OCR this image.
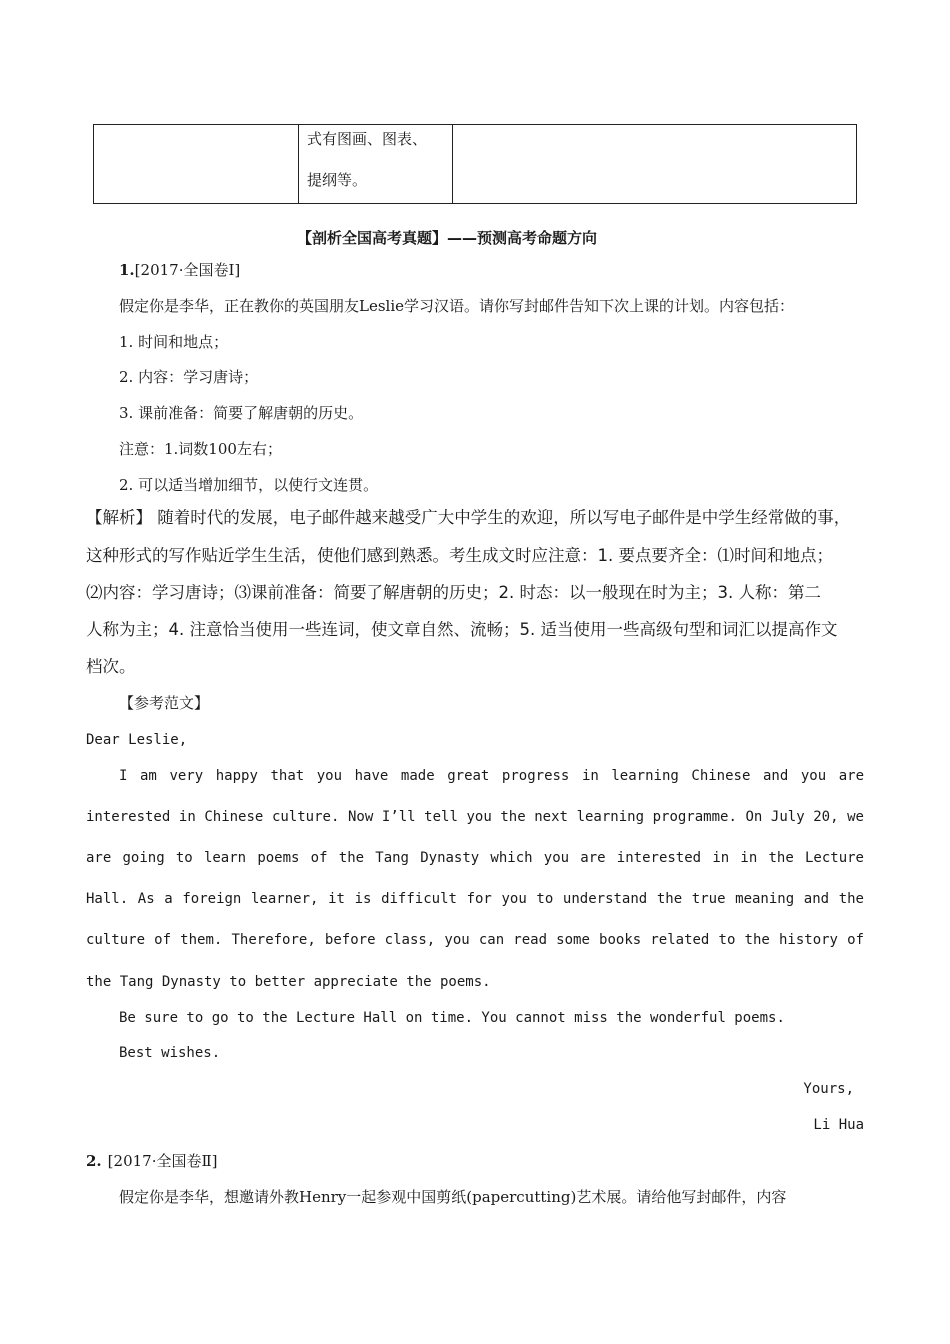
式有图画、图表、
提纲等。
【剖析全国高考真题】——预测高考命题方向
1.[2017·全国卷Ⅰ]
假定你是李华，正在教你的英国朋友Leslie学习汉语。请你写封邮件告知下次上课的计划。内容包括：
1. 时间和地点；
2. 内容：学习唐诗；
3. 课前准备：简要了解唐朝的历史。
注意：1.词数100左右；
2. 可以适当增加细节，以使行文连贯。
【解析】 随着时代的发展，电子邮件越来越受广大中学生的欢迎，所以写电子邮件是中学生经常做的事，
这种形式的写作贴近学生生活，使他们感到熟悉。考生成文时应注意：1. 要点要齐全：⑴时间和地点；
⑵内容：学习唐诗；⑶课前准备：简要了解唐朝的历史；2. 时态：以一般现在时为主；3. 人称：第二
人称为主；4. 注意恰当使用一些连词，使文章自然、流畅；5. 适当使用一些高级句型和词汇以提高作文
档次。
【参考范文】
Dear Leslie,
I am very happy that you have made great progress in learning Chinese and you are
interested in Chinese culture. Now I’ll tell you the next learning programme. On July 20, we
are going to learn poems of the Tang Dynasty which you are interested in in the Lecture
Hall. As a foreign learner, it is difficult for you to understand the true meaning and the
culture of them. Therefore, before class, you can read some books related to the history of
the Tang Dynasty to better appreciate the poems.
Be sure to go to the Lecture Hall on time. You cannot miss the wonderful poems.
Best wishes.
Yours,
Li Hua
2. [2017·全国卷Ⅱ]
假定你是李华，想邀请外教Henry一起参观中国剪纸(papercutting)艺术展。请给他写封邮件，内容
